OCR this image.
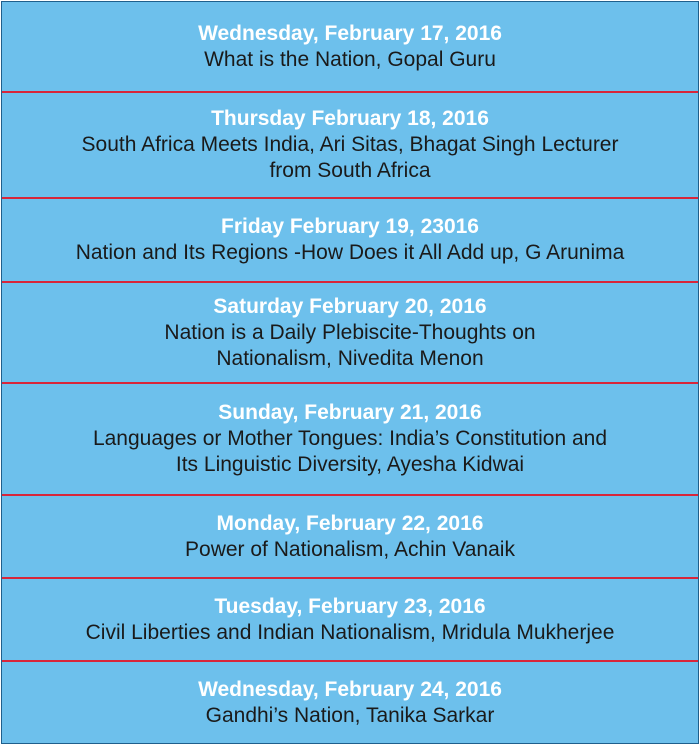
Wednesday, February 17, 2016
What is the Nation, Gopal Guru
Thursday February 18, 2016
South Africa Meets India, Ari Sitas, Bhagat Singh Lecturer
from South Africa
Friday February 19, 23016
Nation and Its Regions -How Does it All Add up, G Arunima
Saturday February 20, 2016
Nation is a Daily Plebiscite-Thoughts on
Nationalism, Nivedita Menon
Sunday, February 21, 2016
Languages or Mother Tongues: India’s Constitution and
Its Linguistic Diversity, Ayesha Kidwai
Monday, February 22, 2016
Power of Nationalism, Achin Vanaik
Tuesday, February 23, 2016
Civil Liberties and Indian Nationalism, Mridula Mukherjee
Wednesday, February 24, 2016
Gandhi’s Nation, Tanika Sarkar
